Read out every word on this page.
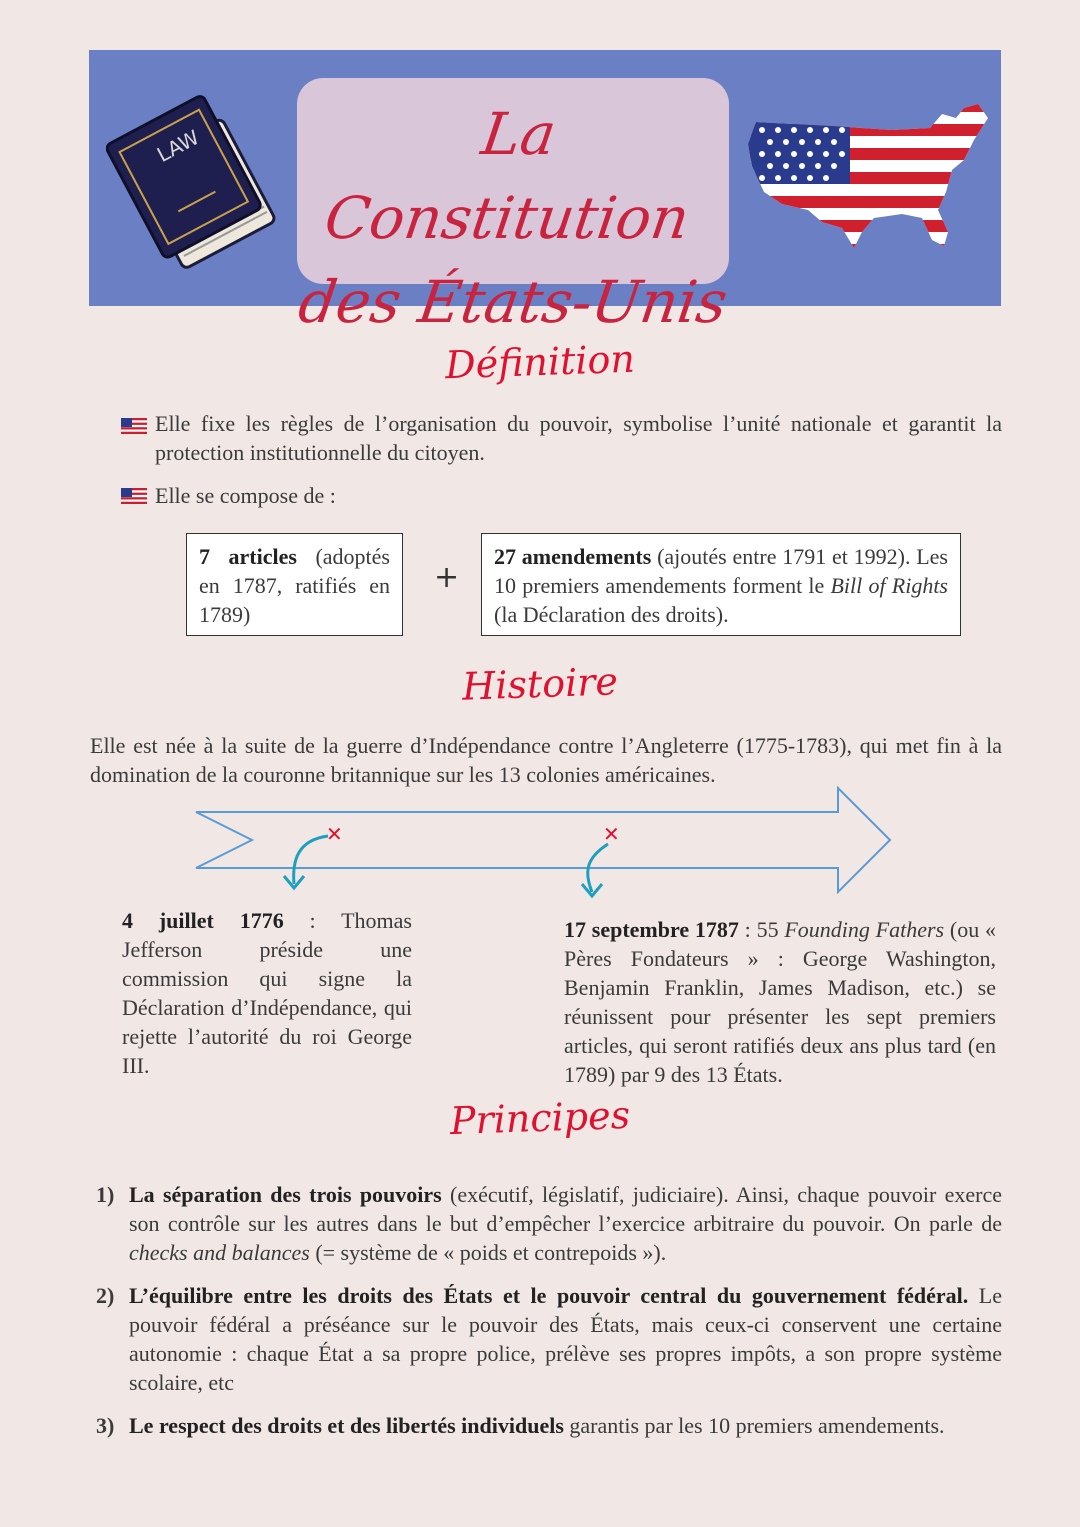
LAW	La Constitution
des États-Unis
Définition
Elle fixe les règles de l’organisation du pouvoir, symbolise l’unité nationale et garantit la protection institutionnelle du citoyen.
Elle se compose de :
7 articles (adoptés en 1787, ratifiés en 1789)
+
27 amendements (ajoutés entre 1791 et 1992). Les 10 premiers amendements forment le Bill of Rights (la Déclaration des droits).
Histoire
Elle est née à la suite de la guerre d’Indépendance contre l’Angleterre (1775-1783), qui met fin à la domination de la couronne britannique sur les 13 colonies américaines.
✕	✕
4 juillet 1776 : Thomas Jefferson préside une commission qui signe la Déclaration d’Indépendance, qui rejette l’autorité du roi George III.
17 septembre 1787 : 55 Founding Fathers (ou « Pères Fondateurs » : George Washington, Benjamin Franklin, James Madison, etc.) se réunissent pour présenter les sept premiers articles, qui seront ratifiés deux ans plus tard (en 1789) par 9 des 13 États.
Principes
1) La séparation des trois pouvoirs (exécutif, législatif, judiciaire). Ainsi, chaque pouvoir exerce son contrôle sur les autres dans le but d’empêcher l’exercice arbitraire du pouvoir. On parle de checks and balances (= système de « poids et contrepoids »).
2) L’équilibre entre les droits des États et le pouvoir central du gouvernement fédéral. Le pouvoir fédéral a préséance sur le pouvoir des États, mais ceux-ci conservent une certaine autonomie : chaque État a sa propre police, prélève ses propres impôts, a son propre système scolaire, etc
3) Le respect des droits et des libertés individuels garantis par les 10 premiers amendements.
